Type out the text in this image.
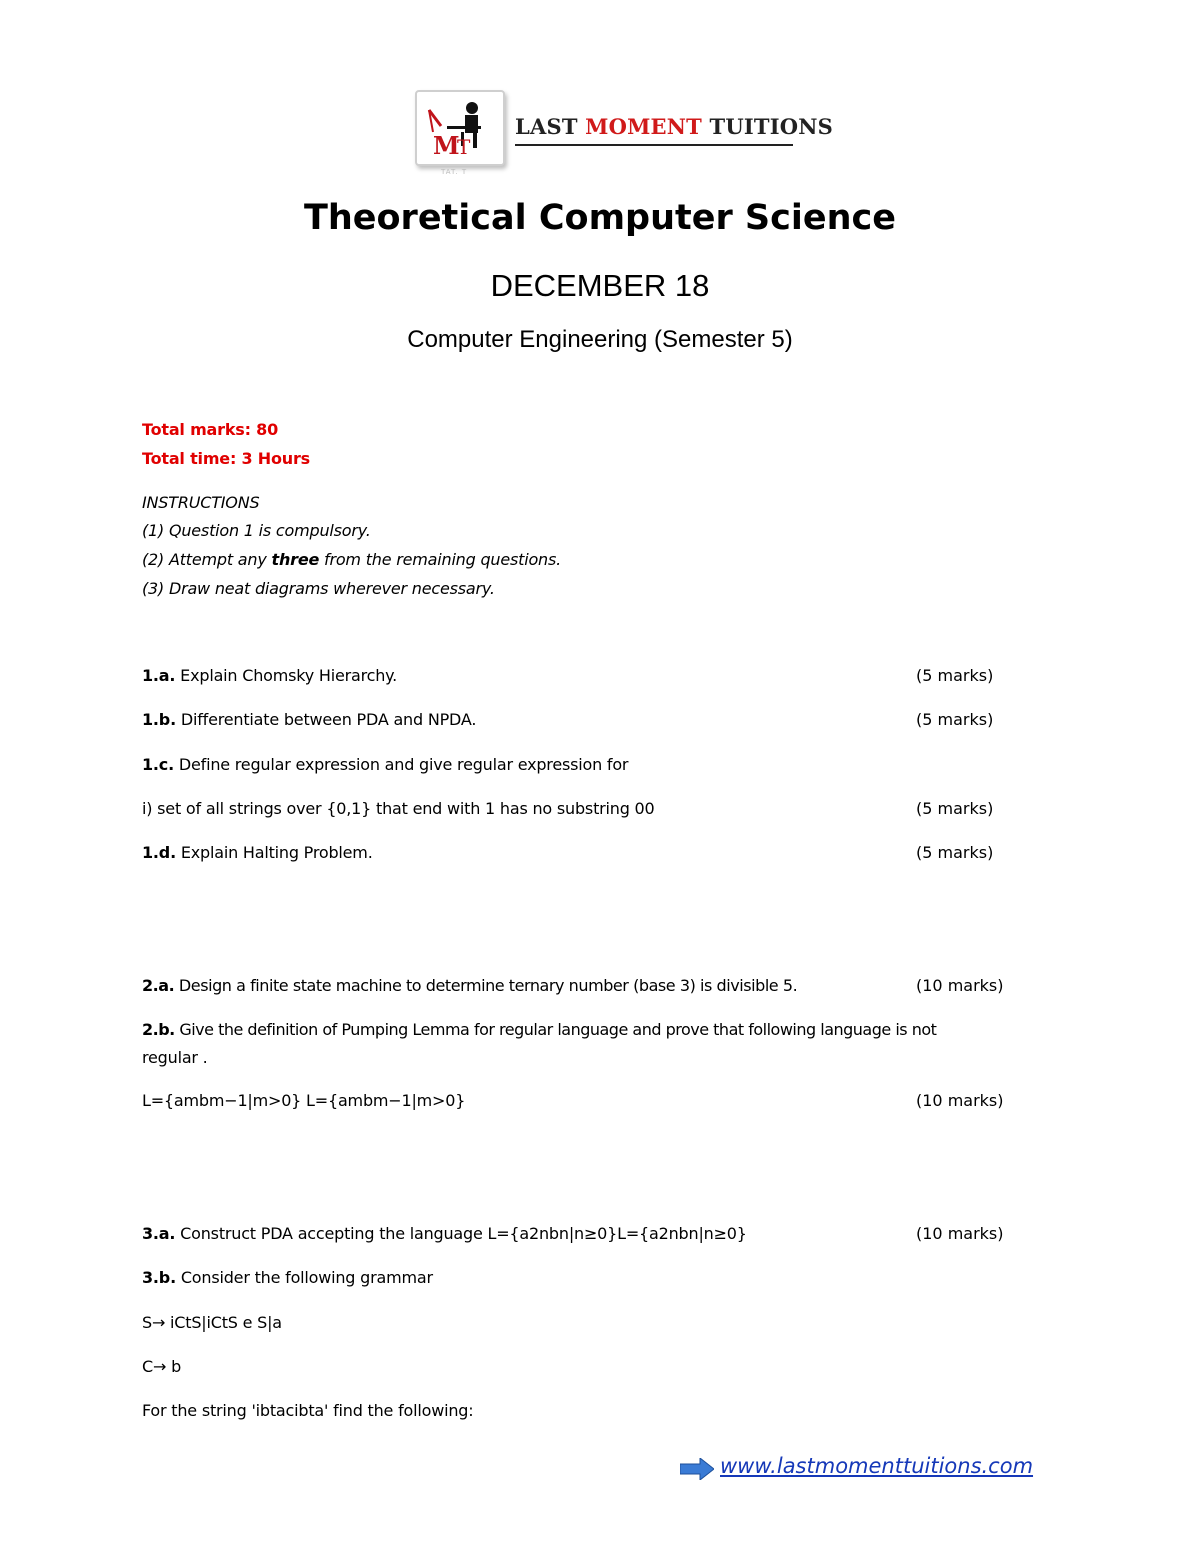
M
T
TAT. T
LAST MOMENT TUITIONS
Theoretical Computer Science
DECEMBER 18
Computer Engineering (Semester 5)
Total marks: 80
Total time: 3 Hours
INSTRUCTIONS
(1) Question 1 is compulsory.
(2) Attempt any three from the remaining questions.
(3) Draw neat diagrams wherever necessary.
1.a. Explain Chomsky Hierarchy.	(5 marks)
1.b. Differentiate between PDA and NPDA.	(5 marks)
1.c. Define regular expression and give regular expression for
i) set of all strings over {0,1} that end with 1 has no substring 00	(5 marks)
1.d. Explain Halting Problem.	(5 marks)
2.a. Design a finite state machine to determine ternary number (base 3) is divisible 5.	(10 marks)
2.b. Give the definition of Pumping Lemma for regular language and prove that following language is not
regular .
L={ambm−1|m>0} L={ambm−1|m>0}	(10 marks)
3.a. Construct PDA accepting the language L={a2nbn|n≥0}L={a2nbn|n≥0}	(10 marks)
3.b. Consider the following grammar
S→ iCtS|iCtS e S|a
C→ b
For the string 'ibtacibta' find the following:
www.lastmomenttuitions.com
